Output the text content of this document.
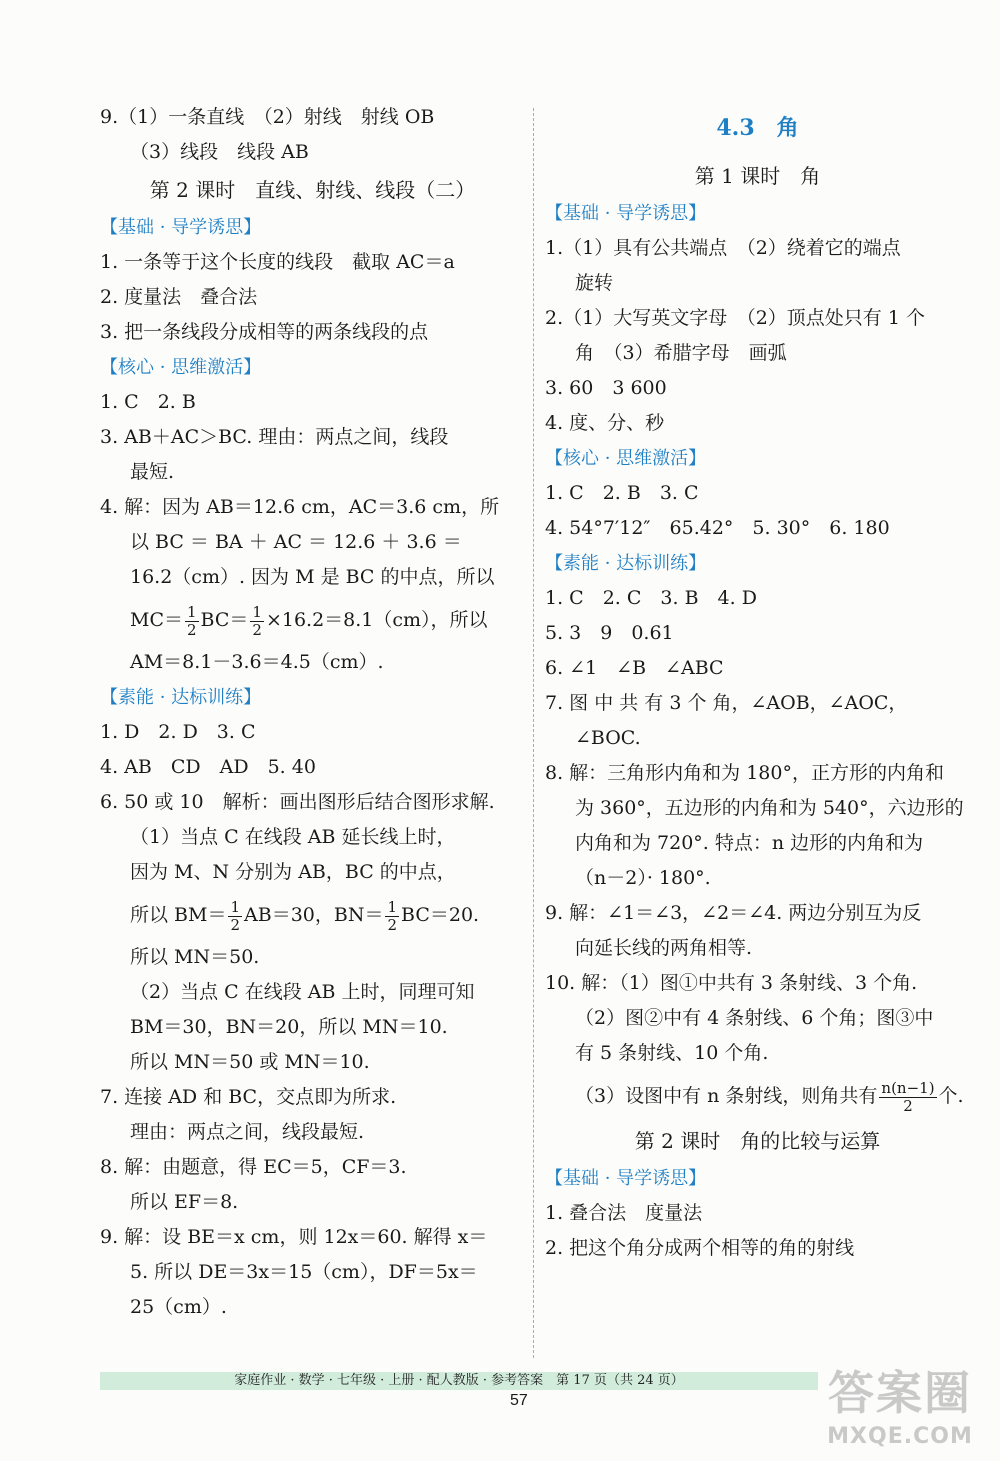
9.（1）一条直线　（2）射线　射线 OB
（3）线段　线段 AB
第 2 课时　直线、射线、线段（二）
【基础 · 导学诱思】
1. 一条等于这个长度的线段　截取 AC＝a
2. 度量法　叠合法
3. 把一条线段分成相等的两条线段的点
【核心 · 思维激活】
1. C　2. B
3. AB＋AC＞BC. 理由：两点之间，线段
最短.
4. 解：因为 AB＝12.6 cm，AC＝3.6 cm，所
以 BC ＝ BA ＋ AC ＝ 12.6 ＋ 3.6 ＝
16.2（cm）. 因为 M 是 BC 的中点，所以
$MC= \frac{1}{2} BC= \frac{1}{2} \times 16.2=8.1(cm)$，所以
AM＝8.1－3.6＝4.5（cm）.
【素能 · 达标训练】
1. D　2. D　3. C
4. AB　CD　AD　5. 40
6. 50 或 10　解析：画出图形后结合图形求解.
（1）当点 C 在线段 AB 延长线上时，
因为 M、N 分别为 AB，BC 的中点，
所以 $BM= \frac{1}{2} AB=30$，$BN= \frac{1}{2} BC=20$.
所以 MN＝50.
（2）当点 C 在线段 AB 上时，同理可知
BM＝30，BN＝20，所以 MN＝10.
所以 MN＝50 或 MN＝10.
7. 连接 AD 和 BC，交点即为所求.
理由：两点之间，线段最短.
8. 解：由题意，得 EC＝5，CF＝3.
所以 EF＝8.
9. 解：设 BE＝x cm，则 12x＝60. 解得 x＝
5. 所以 DE＝3x＝15（cm），DF＝5x＝
25（cm）.
4.3　角
第 1 课时　角
【基础 · 导学诱思】
1.（1）具有公共端点　（2）绕着它的端点
旋转
2.（1）大写英文字母　（2）顶点处只有 1 个
角　（3）希腊字母　画弧
3. 60　3 600
4. 度、分、秒
【核心 · 思维激活】
1. C　2. B　3. C
4. 54°7′12″　65.42°　5. 30°　6. 180
【素能 · 达标训练】
1. C　2. C　3. B　4. D
5. 3　9　0.61
6. ∠1　∠B　∠ABC
7. 图 中 共 有 3 个 角，∠AOB，∠AOC，
∠BOC.
8. 解：三角形内角和为 180°，正方形的内角和
为 360°，五边形的内角和为 540°，六边形的
内角和为 720°. 特点：n 边形的内角和为
（n－2）· 180°.
9. 解：∠1＝∠3，∠2＝∠4. 两边分别互为反
向延长线的两角相等.
10. 解：（1）图①中共有 3 条射线、3 个角.
（2）图②中有 4 条射线、6 个角；图③中
有 5 条射线、10 个角.
（3）设图中有 n 条射线，则角共有 $\frac{n(n-1)}{2}$ 个.
第 2 课时　角的比较与运算
【基础 · 导学诱思】
1. 叠合法　度量法
2. 把这个角分成两个相等的角的射线
家庭作业 · 数学 · 七年级 · 上册 · 配人教版 · 参考答案　第 17 页（共 24 页）
57	答案圈
MXQE.COM
